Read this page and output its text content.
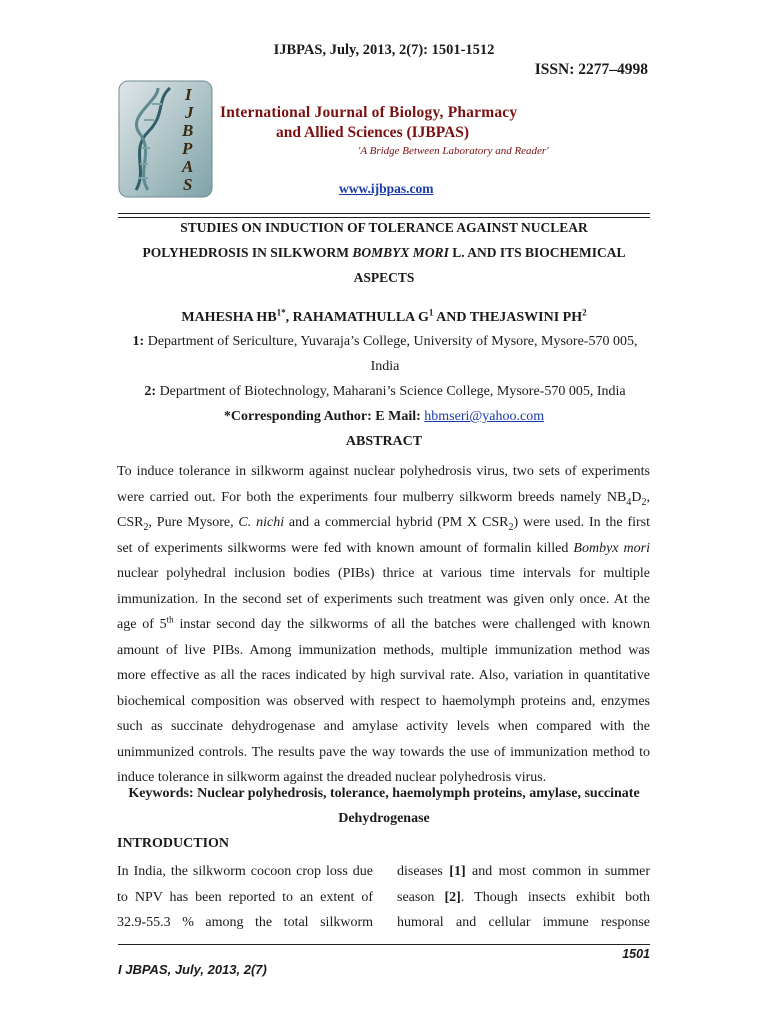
IJBPAS, July, 2013, 2(7): 1501-1512
ISSN: 2277–4998
I
J
B
P
A
S
International Journal of Biology, Pharmacy
and Allied Sciences (IJBPAS)
'A Bridge Between Laboratory and Reader'
www.ijbpas.com
STUDIES ON INDUCTION OF TOLERANCE AGAINST NUCLEAR
POLYHEDROSIS IN SILKWORM BOMBYX MORI L. AND ITS BIOCHEMICAL
ASPECTS
MAHESHA $HB^{1*}$, RAHAMATHULLA $G^1$ AND THEJASWINI $PH^2$
1: Department of Sericulture, Yuvaraja’s College, University of Mysore, Mysore-570 005,
India
2: Department of Biotechnology, Maharani’s Science College, Mysore-570 005, India
*Corresponding Author: E Mail: hbmseri@yahoo.com
ABSTRACT
To induce tolerance in silkworm against nuclear polyhedrosis virus, two sets of experiments
were carried out. For both the experiments four mulberry silkworm breeds namely $NB_4D_2$,
$CSR_2$, Pure Mysore, C. nichi and a commercial hybrid (PM X $CSR_2$) were used. In the first
set of experiments silkworms were fed with known amount of formalin killed Bombyx mori
nuclear polyhedral inclusion bodies (PIBs) thrice at various time intervals for multiple
immunization. In the second set of experiments such treatment was given only once. At the
age of 5th instar second day the silkworms of all the batches were challenged with known
amount of live PIBs. Among immunization methods, multiple immunization method was
more effective as all the races indicated by high survival rate. Also, variation in quantitative
biochemical composition was observed with respect to haemolymph proteins and, enzymes
such as succinate dehydrogenase and amylase activity levels when compared with the
unimmunized controls. The results pave the way towards the use of immunization method to
induce tolerance in silkworm against the dreaded nuclear polyhedrosis virus.
Keywords: Nuclear polyhedrosis, tolerance, haemolymph proteins, amylase, succinate
Dehydrogenase
INTRODUCTION
In India, the silkworm cocoon crop loss due
to NPV has been reported to an extent of
32.9-55.3 % among the total silkworm
diseases [1] and most common in summer
season [2]. Though insects exhibit both
humoral and cellular immune response
1501
I JBPAS, July, 2013, 2(7)
